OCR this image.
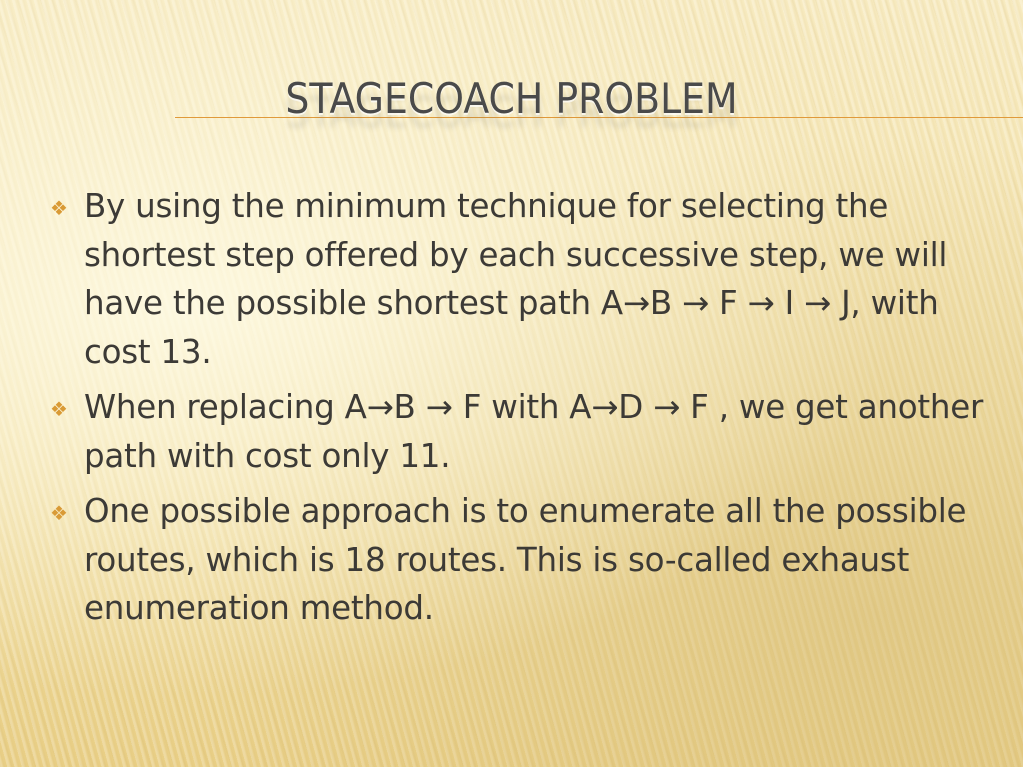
STAGECOACH PROBLEM
❖ By using the minimum technique for selecting the shortest step offered by each successive step, we will have the possible shortest path A→B → F → I → J, with cost 13.
❖ When replacing A→B → F with A→D → F , we get another path with cost only 11.
❖ One possible approach is to enumerate all the possible routes, which is 18 routes. This is so-called exhaust enumeration method.
